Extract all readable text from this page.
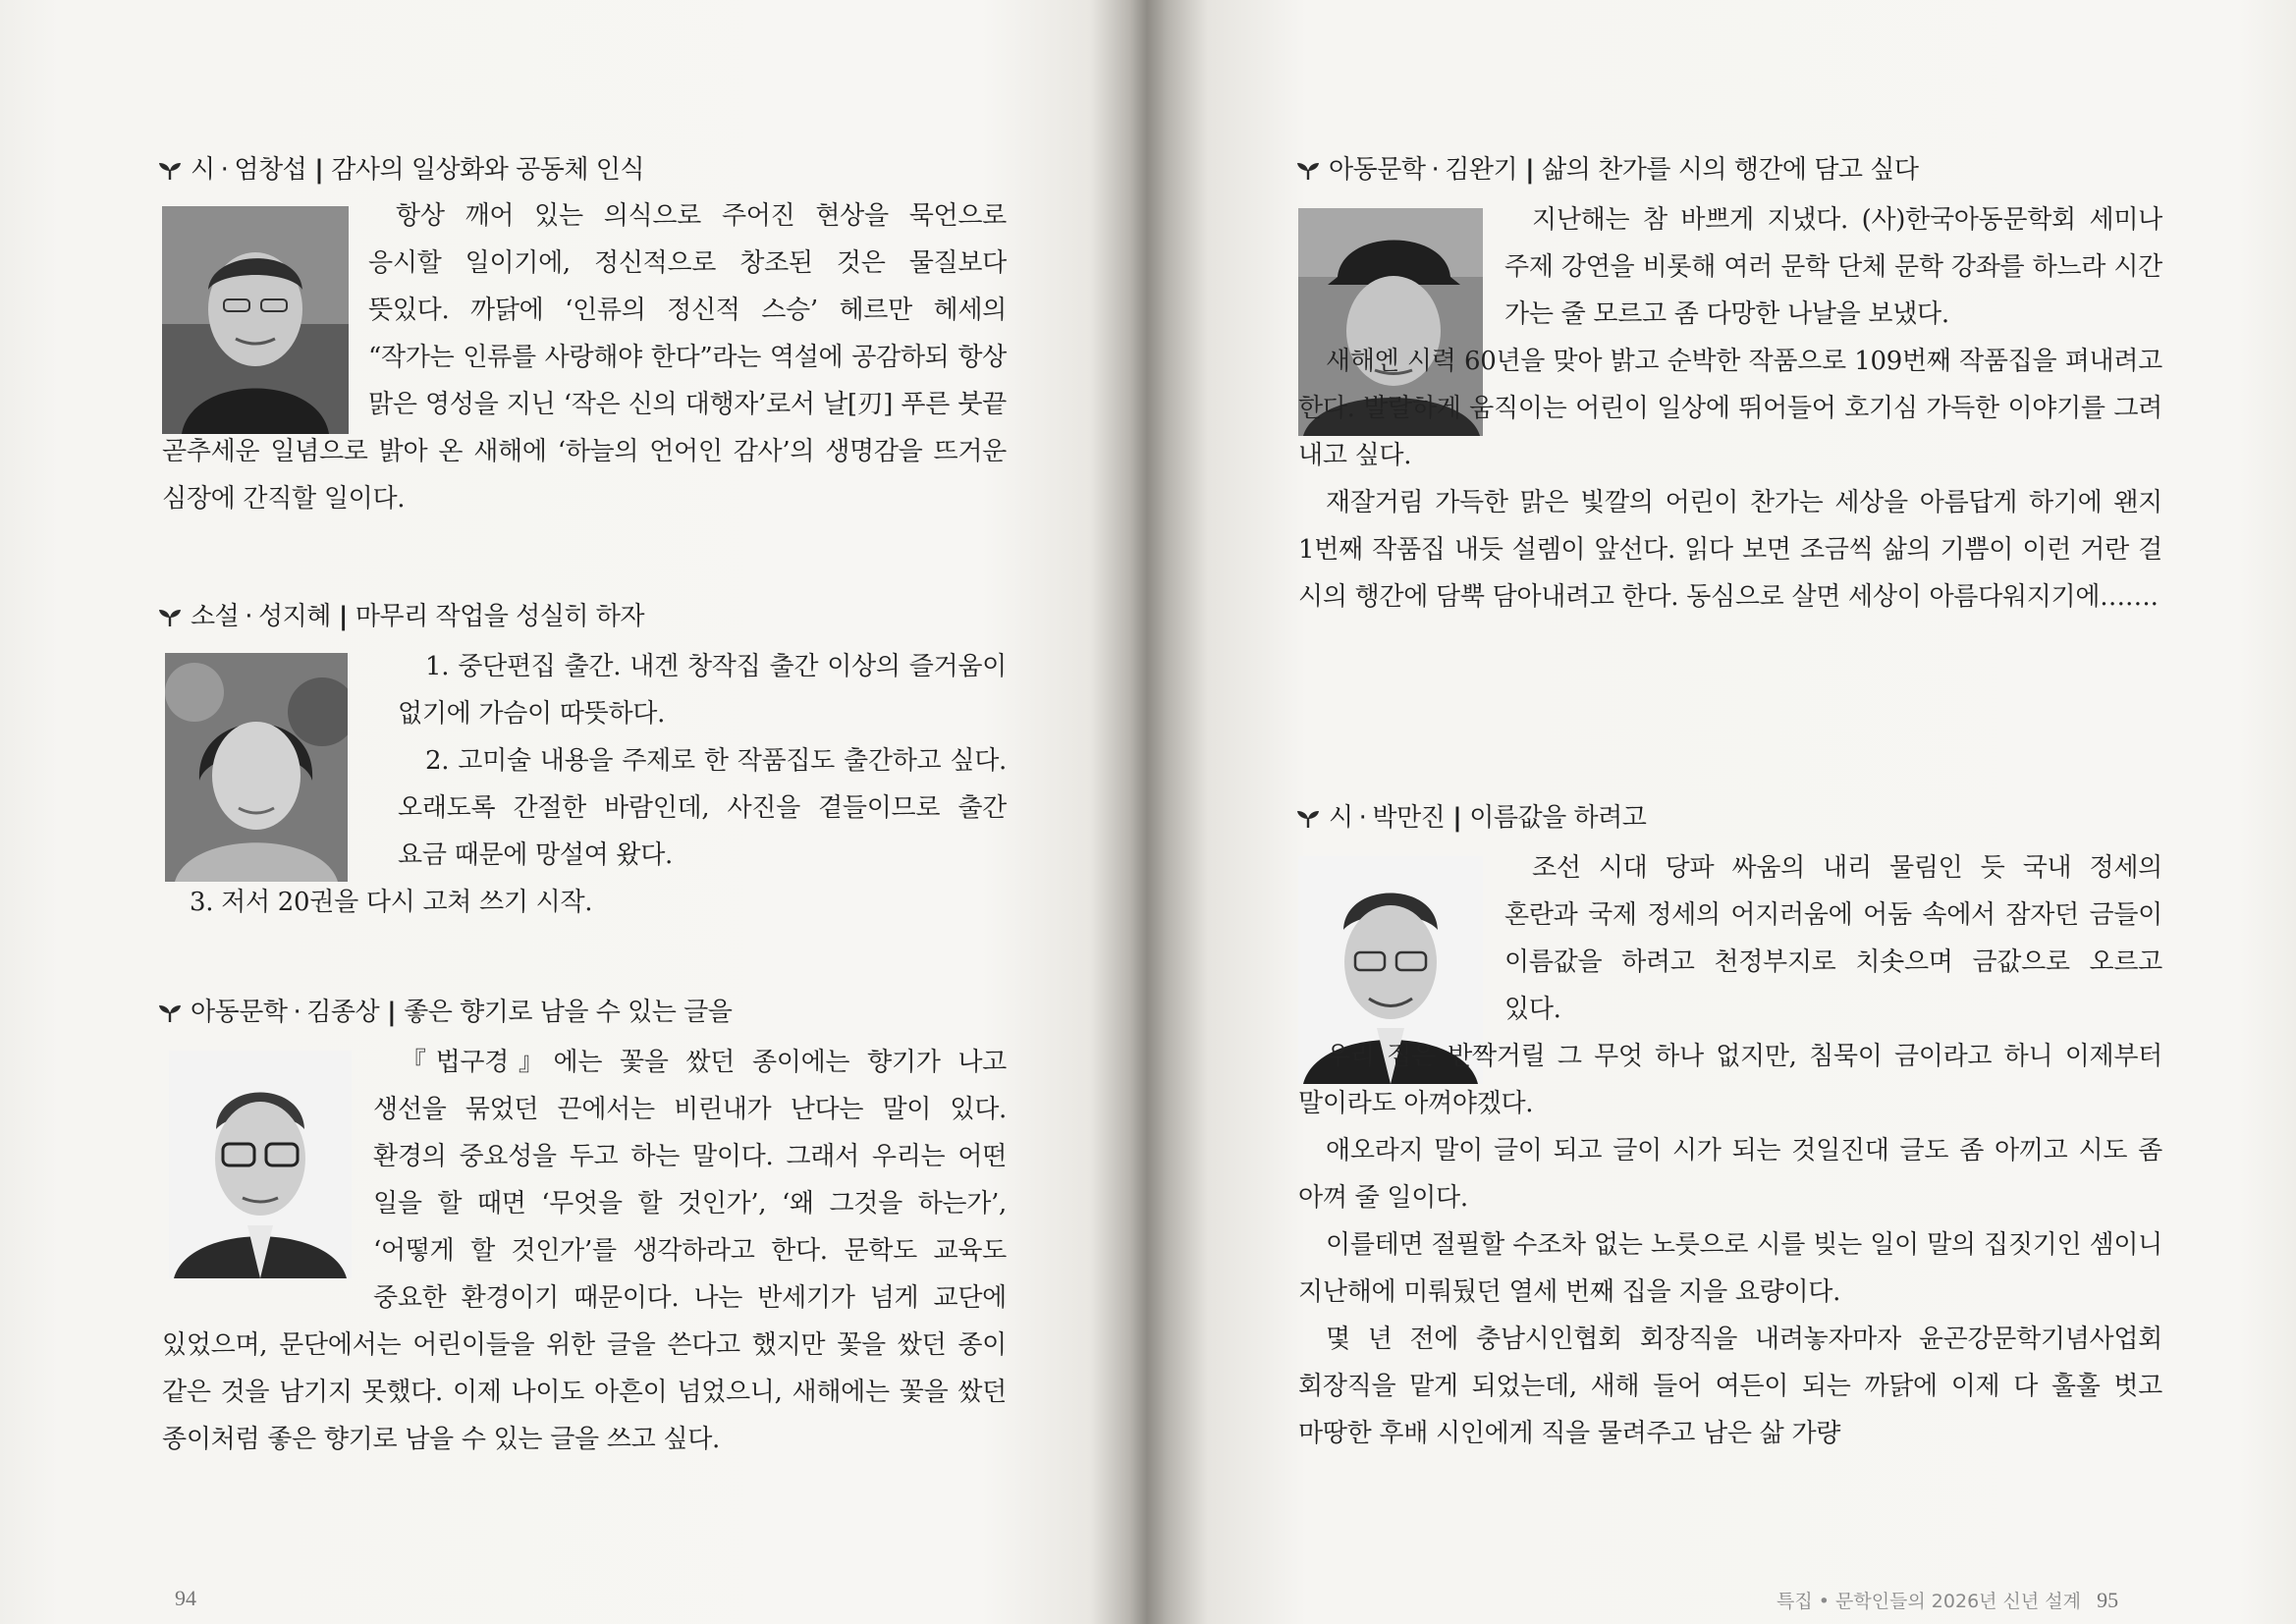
시 · 엄창섭 | 감사의 일상화와 공동체 인식
항상 깨어 있는 의식으로 주어진 현상을 묵언으로 응시할 일이기에, 정신적으로 창조된 것은 물질보다 뜻있다. 까닭에 ‘인류의 정신적 스승’ 헤르만 헤세의 “작가는 인류를 사랑해야 한다”라는 역설에 공감하되 항상 맑은 영성을 지닌 ‘작은 신의 대행자’로서 날[刃] 푸른 붓끝 곧추세운 일념으로 밝아 온 새해에 ‘하늘의 언어인 감사’의 생명감을 뜨거운 심장에 간직할 일이다.
소설 · 성지혜 | 마무리 작업을 성실히 하자
1. 중단편집 출간. 내겐 창작집 출간 이상의 즐거움이 없기에 가슴이 따뜻하다.
2. 고미술 내용을 주제로 한 작품집도 출간하고 싶다. 오래도록 간절한 바람인데, 사진을 곁들이므로 출간 요금 때문에 망설여 왔다.
3. 저서 20권을 다시 고쳐 쓰기 시작.
아동문학 · 김종상 | 좋은 향기로 남을 수 있는 글을
『법구경』에는 꽃을 쌌던 종이에는 향기가 나고 생선을 묶었던 끈에서는 비린내가 난다는 말이 있다. 환경의 중요성을 두고 하는 말이다. 그래서 우리는 어떤 일을 할 때면 ‘무엇을 할 것인가’, ‘왜 그것을 하는가’, ‘어떻게 할 것인가’를 생각하라고 한다. 문학도 교육도 중요한 환경이기 때문이다. 나는 반세기가 넘게 교단에 있었으며, 문단에서는 어린이들을 위한 글을 쓴다고 했지만 꽃을 쌌던 종이 같은 것을 남기지 못했다. 이제 나이도 아흔이 넘었으니, 새해에는 꽃을 쌌던 종이처럼 좋은 향기로 남을 수 있는 글을 쓰고 싶다.
94
아동문학 · 김완기 | 삶의 찬가를 시의 행간에 담고 싶다
지난해는 참 바쁘게 지냈다. (사)한국아동문학회 세미나 주제 강연을 비롯해 여러 문학 단체 문학 강좌를 하느라 시간 가는 줄 모르고 좀 다망한 나날을 보냈다.
새해엔 시력 60년을 맞아 밝고 순박한 작품으로 109번째 작품집을 펴내려고 한다. 발랄하게 움직이는 어린이 일상에 뛰어들어 호기심 가득한 이야기를 그려 내고 싶다.
재잘거림 가득한 맑은 빛깔의 어린이 찬가는 세상을 아름답게 하기에 왠지 1번째 작품집 내듯 설렘이 앞선다. 읽다 보면 조금씩 삶의 기쁨이 이런 거란 걸 시의 행간에 담뿍 담아내려고 한다. 동심으로 살면 세상이 아름다워지기에…….
시 · 박만진 | 이름값을 하려고
조선 시대 당파 싸움의 내리 물림인 듯 국내 정세의 혼란과 국제 정세의 어지러움에 어둠 속에서 잠자던 금들이 이름값을 하려고 천정부지로 치솟으며 금값으로 오르고 있다.
우리 집은 반짝거릴 그 무엇 하나 없지만, 침묵이 금이라고 하니 이제부터 말이라도 아껴야겠다.
애오라지 말이 글이 되고 글이 시가 되는 것일진대 글도 좀 아끼고 시도 좀 아껴 줄 일이다.
이를테면 절필할 수조차 없는 노릇으로 시를 빚는 일이 말의 집짓기인 셈이니 지난해에 미뤄뒀던 열세 번째 집을 지을 요량이다.
몇 년 전에 충남시인협회 회장직을 내려놓자마자 윤곤강문학기념사업회 회장직을 맡게 되었는데, 새해 들어 여든이 되는 까닭에 이제 다 훌훌 벗고 마땅한 후배 시인에게 직을 물려주고 남은 삶 가량
특집 • 문학인들의 2026년 신년 설계 95
